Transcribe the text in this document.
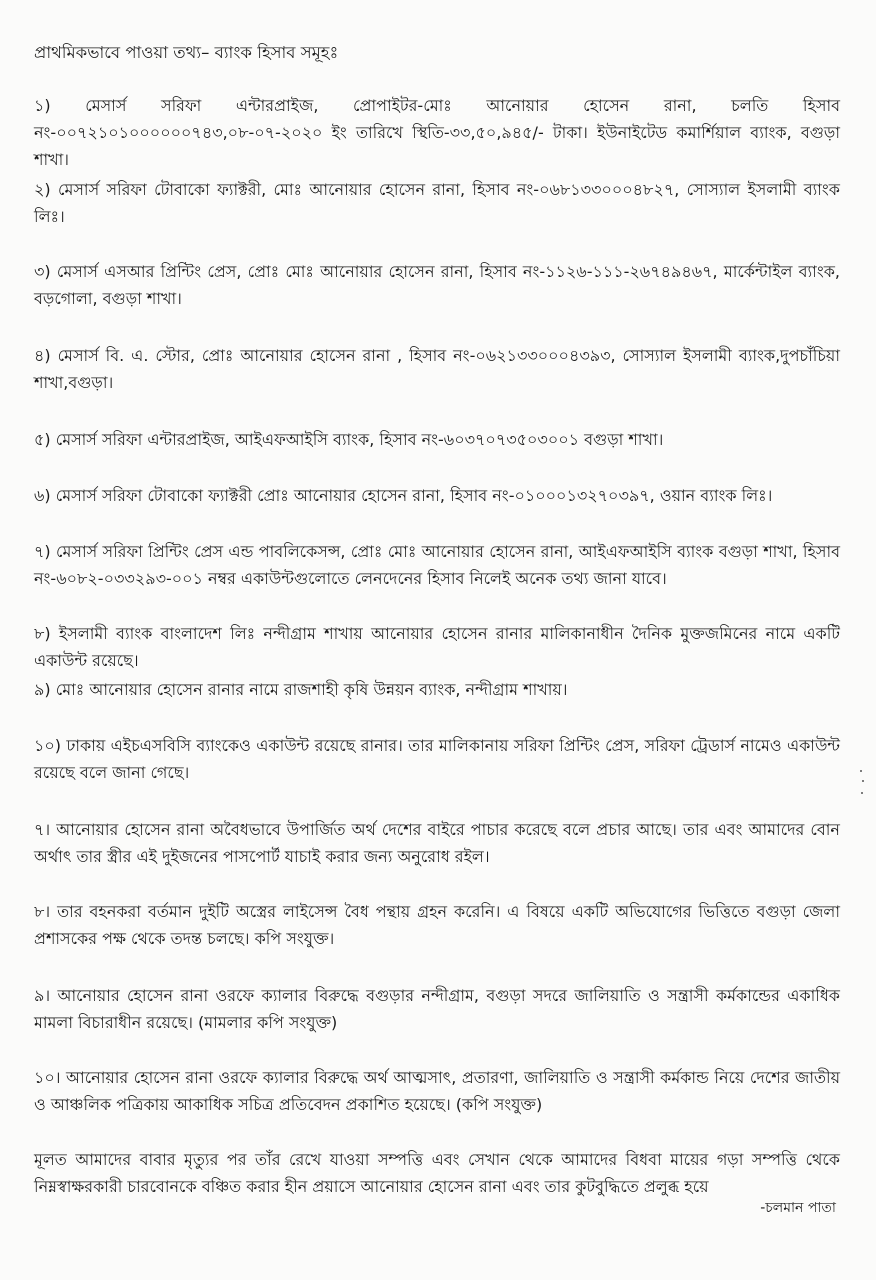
প্রাথমিকভাবে পাওয়া তথ্য– ব্যাংক হিসাব সমূহঃ

১) মেসার্স সরিফা এন্টারপ্রাইজ, প্রোপাইটর-মোঃ আনোয়ার হোসেন রানা, চলতি হিসাব নং-০০৭২১০১০০০০০০৭৪৩,০৮-০৭-২০২০ ইং তারিখে স্থিতি-৩৩,৫০,৯৪৫/- টাকা। ইউনাইটেড কমার্শিয়াল ব্যাংক, বগুড়া শাখা।

২) মেসার্স সরিফা টোবাকো ফ্যাক্টরী, মোঃ আনোয়ার হোসেন রানা, হিসাব নং-০৬৮১৩৩০০০৪৮২৭, সোস্যাল ইসলামী ব্যাংক লিঃ।

৩) মেসার্স এসআর প্রিন্টিং প্রেস, প্রোঃ মোঃ আনোয়ার হোসেন রানা, হিসাব নং-১১২৬-১১১-২৬৭৪৯৪৬৭, মার্কেন্টাইল ব্যাংক, বড়গোলা, বগুড়া শাখা।

৪) মেসার্স বি. এ. স্টোর, প্রোঃ আনোয়ার হোসেন রানা , হিসাব নং-০৬২১৩৩০০০৪৩৯৩, সোস্যাল ইসলামী ব্যাংক,দুপচাঁচিয়া শাখা,বগুড়া।

৫) মেসার্স সরিফা এন্টারপ্রাইজ, আইএফআইসি ব্যাংক, হিসাব নং-৬০৩৭০৭৩৫০৩০০১ বগুড়া শাখা।

৬) মেসার্স সরিফা টোবাকো ফ্যাক্টরী প্রোঃ আনোয়ার হোসেন রানা, হিসাব নং-০১০০০১৩২৭০৩৯৭, ওয়ান ব্যাংক লিঃ।

৭) মেসার্স সরিফা প্রিন্টিং প্রেস এন্ড পাবলিকেসন্স, প্রোঃ মোঃ আনোয়ার হোসেন রানা, আইএফআইসি ব্যাংক বগুড়া শাখা, হিসাব নং-৬০৮২-০৩৩২৯৩-০০১ নম্বর একাউন্টগুলোতে লেনদেনের হিসাব নিলেই অনেক তথ্য জানা যাবে।

৮) ইসলামী ব্যাংক বাংলাদেশ লিঃ নন্দীগ্রাম শাখায় আনোয়ার হোসেন রানার মালিকানাধীন দৈনিক মুক্তজমিনের নামে একটি একাউন্ট রয়েছে।

৯) মোঃ আনোয়ার হোসেন রানার নামে রাজশাহী কৃষি উন্নয়ন ব্যাংক, নন্দীগ্রাম শাখায়।

১০) ঢাকায় এইচএসবিসি ব্যাংকেও একাউন্ট রয়েছে রানার। তার মালিকানায় সরিফা প্রিন্টিং প্রেস, সরিফা ট্রেডার্স নামেও একাউন্ট রয়েছে বলে জানা গেছে।

৭। আনোয়ার হোসেন রানা অবৈধভাবে উপার্জিত অর্থ দেশের বাইরে পাচার করেছে বলে প্রচার আছে। তার এবং আমাদের বোন অর্থাৎ তার স্ত্রীর এই দুইজনের পাসপোর্ট যাচাই করার জন্য অনুরোধ রইল।

৮। তার বহনকরা বর্তমান দুইটি অস্ত্রের লাইসেন্স বৈধ পন্থায় গ্রহন করেনি। এ বিষয়ে একটি অভিযোগের ভিত্তিতে বগুড়া জেলা প্রশাসকের পক্ষ থেকে তদন্ত চলছে। কপি সংযুক্ত।

৯। আনোয়ার হোসেন রানা ওরফে ক্যালার বিরুদ্ধে বগুড়ার নন্দীগ্রাম, বগুড়া সদরে জালিয়াতি ও সন্ত্রাসী কর্মকান্ডের একাধিক মামলা বিচারাধীন রয়েছে। (মামলার কপি সংযুক্ত)

১০। আনোয়ার হোসেন রানা ওরফে ক্যালার বিরুদ্ধে অর্থ আত্মসাৎ, প্রতারণা, জালিয়াতি ও সন্ত্রাসী কর্মকান্ড নিয়ে দেশের জাতীয় ও আঞ্চলিক পত্রিকায় আকাধিক সচিত্র প্রতিবেদন প্রকাশিত হয়েছে। (কপি সংযুক্ত)

মূলত আমাদের বাবার মৃত্যুর পর তাঁর রেখে যাওয়া সম্পত্তি এবং সেখান থেকে আমাদের বিধবা মায়ের গড়া সম্পত্তি থেকে নিম্নস্বাক্ষরকারী চারবোনকে বঞ্চিত করার হীন প্রয়াসে আনোয়ার হোসেন রানা এবং তার কুটবুদ্ধিতে প্রলুব্ধ হয়ে

-চলমান পাতা
